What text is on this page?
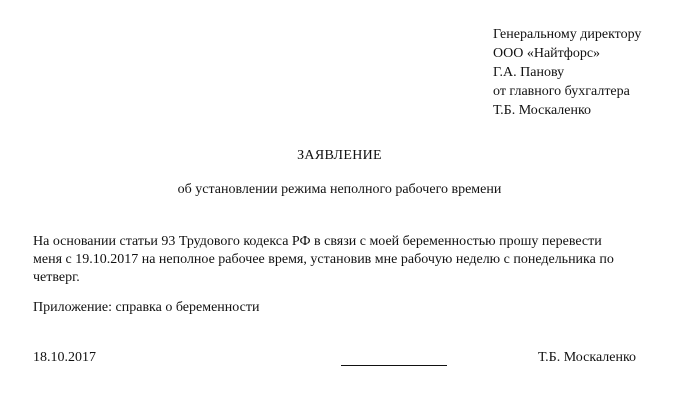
Генеральному директору
ООО «Найтфорс»
Г.А. Панову
от главного бухгалтера
Т.Б. Москаленко
ЗАЯВЛЕНИЕ
об установлении режима неполного рабочего времени
На основании статьи 93 Трудового кодекса РФ в связи с моей беременностью прошу перевести
меня с 19.10.2017 на неполное рабочее время, установив мне рабочую неделю с понедельника по
четверг.
Приложение: справка о беременности
18.10.2017	Т.Б. Москаленко
